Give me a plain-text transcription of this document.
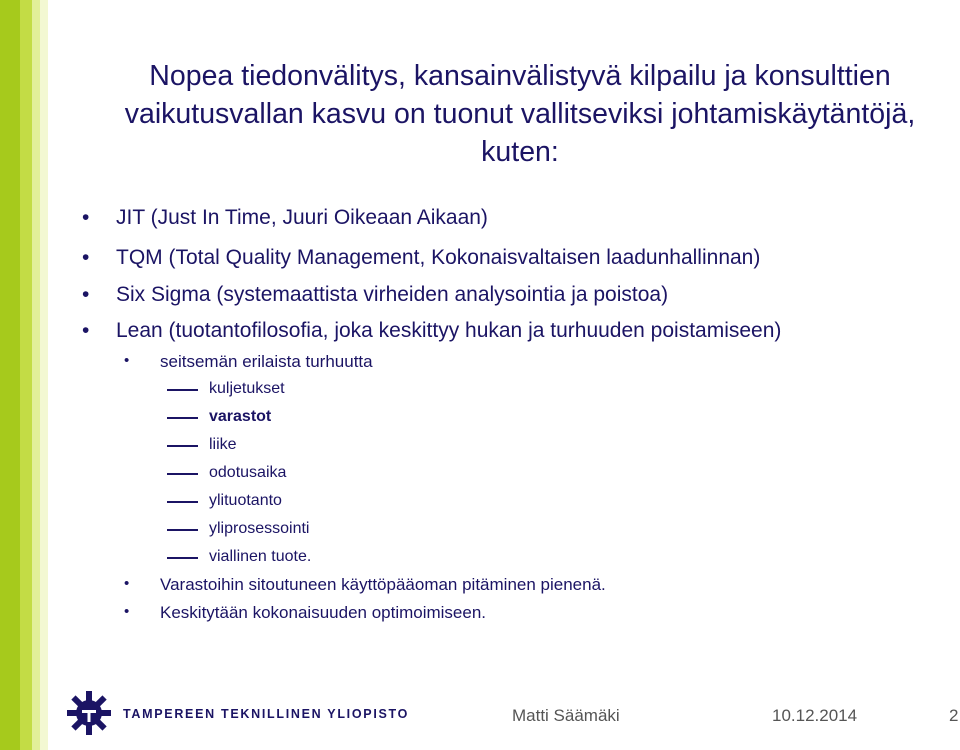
Nopea tiedonvälitys, kansainvälistyvä kilpailu ja konsulttien
vaikutusvallan kasvu on tuonut vallitseviksi johtamiskäytäntöjä,
kuten:
• JIT (Just In Time, Juuri Oikeaan Aikaan)
• TQM (Total Quality Management, Kokonaisvaltaisen laadunhallinnan)
• Six Sigma (systemaattista virheiden analysointia ja poistoa)
• Lean (tuotantofilosofia, joka keskittyy hukan ja turhuuden poistamiseen)
• seitsemän erilaista turhuutta
kuljetukset
varastot
liike
odotusaika
ylituotanto
yliprosessointi
viallinen tuote.
• Varastoihin sitoutuneen käyttöpääoman pitäminen pienenä.
• Keskitytään kokonaisuuden optimoimiseen.
TAMPEREEN TEKNILLINEN YLIOPISTO	Matti Säämäki	10.12.2014	2
